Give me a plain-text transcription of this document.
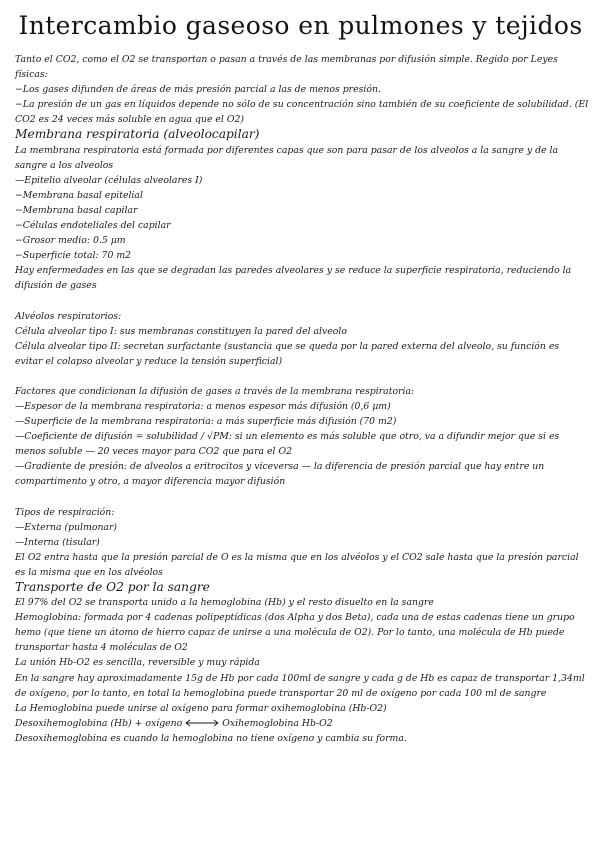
Intercambio gaseoso en pulmones y tejidos

Tanto el CO2, como el O2 se transportan o pasan a través de las membranas por difusión simple. Regido por Leyes físicas:

−Los gases difunden de áreas de más presión parcial a las de menos presión.

−La presión de un gas en líquidos depende no sólo de su concentración sino también de su coeficiente de solubilidad. (El CO2 es 24 veces más soluble en agua que el O2)

Membrana respiratoria (alveolocapilar)

La membrana respiratoria está formada por diferentes capas que son para pasar de los alveolos a la sangre y de la sangre a los alveolos

—Epitelio alveolar (células alveolares I)

−Membrana basal epitelial

−Membrana basal capilar

−Células endoteliales del capilar

−Grosor medio: 0.5 µm

−Superficie total: 70 m2

Hay enfermedades en las que se degradan las paredes alveolares y se reduce la superficie respiratoria, reduciendo la difusión de gases

Alvéolos respiratorios:

Célula alveolar tipo I: sus membranas constituyen la pared del alveolo

Célula alveolar tipo II: secretan surfactante (sustancia que se queda por la pared externa del alveolo, su función es evitar el colapso alveolar y reduce la tensión superficial)

Factores que condicionan la difusión de gases a través de la membrana respiratoria:

—Espesor de la membrana respiratoria: a menos espesor más difusión (0,6 µm)

—Superficie de la membrana respiratoria: a más superficie más difusión (70 m2)

—Coeficiente de difusión = solubilidad / √PM: si un elemento es más soluble que otro, va a difundir mejor que si es menos soluble — 20 veces mayor para CO2 que para el O2

—Gradiente de presión: de alveolos a eritrocitos y viceversa — la diferencia de presión parcial que hay entre un compartimento y otro, a mayor diferencia mayor difusión

Tipos de respiración:

—Externa (pulmonar)

—Interna (tisular)

El O2 entra hasta que la presión parcial de O es la misma que en los alvéolos y el CO2 sale hasta que la presión parcial es la misma que en los alvéolos

Transporte de O2 por la sangre

El 97% del O2 se transporta unido a la hemoglobina (Hb) y el resto disuelto en la sangre

Hemoglobina: formada por 4 cadenas polipeptídicas (dos Alpha y dos Beta), cada una de estas cadenas tiene un grupo hemo (que tiene un átomo de hierro capaz de unirse a una molécula de O2). Por lo tanto, una molécula de Hb puede transportar hasta 4 moléculas de O2

La unión Hb-O2 es sencilla, reversible y muy rápida

En la sangre hay aproximadamente 15g de Hb por cada 100ml de sangre y cada g de Hb es capaz de transportar 1,34ml de oxígeno, por lo tanto, en total la hemoglobina puede transportar 20 ml de oxígeno por cada 100 ml de sangre

La Hemoglobina puede unirse al oxígeno para formar oxihemoglobina (Hb-O2)

Desoxihemoglobina (Hb) + oxígeno	Oxihemoglobina Hb-O2

Desoxihemoglobina es cuando la hemoglobina no tiene oxígeno y cambia su forma.
